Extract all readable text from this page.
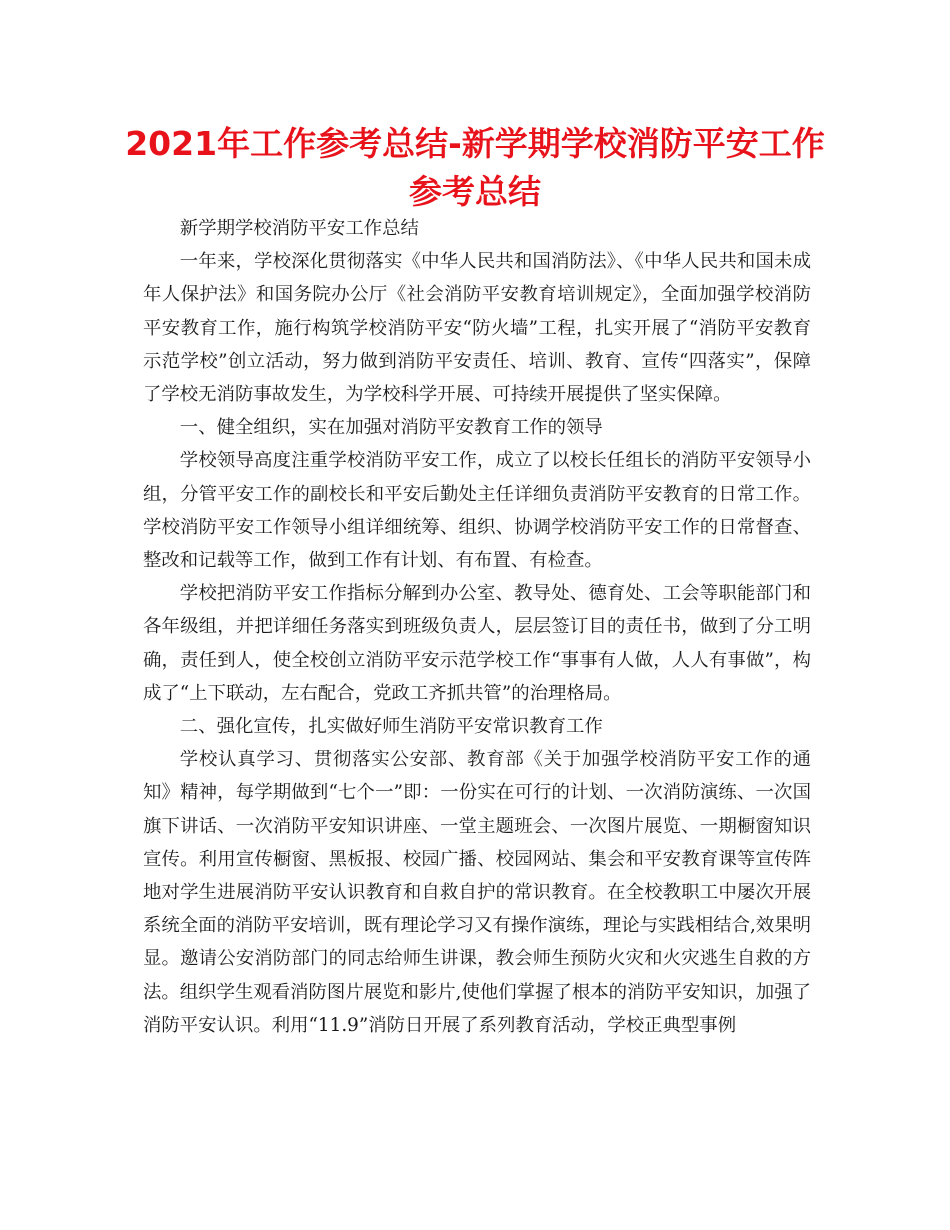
2021年工作参考总结-新学期学校消防平安工作参考总结

新学期学校消防平安工作总结

一年来，学校深化贯彻落实《中华人民共和国消防法》、《中华人民共和国未成年人保护法》和国务院办公厅《社会消防平安教育培训规定》，全面加强学校消防平安教育工作，施行构筑学校消防平安“防火墙”工程，扎实开展了“消防平安教育示范学校”创立活动，努力做到消防平安责任、培训、教育、宣传“四落实”，保障了学校无消防事故发生，为学校科学开展、可持续开展提供了坚实保障。

一、健全组织，实在加强对消防平安教育工作的领导

学校领导高度注重学校消防平安工作，成立了以校长任组长的消防平安领导小组，分管平安工作的副校长和平安后勤处主任详细负责消防平安教育的日常工作。学校消防平安工作领导小组详细统筹、组织、协调学校消防平安工作的日常督查、整改和记载等工作，做到工作有计划、有布置、有检查。

学校把消防平安工作指标分解到办公室、教导处、德育处、工会等职能部门和各年级组，并把详细任务落实到班级负责人，层层签订目的责任书，做到了分工明确，责任到人，使全校创立消防平安示范学校工作“事事有人做，人人有事做”，构成了“上下联动，左右配合，党政工齐抓共管”的治理格局。

二、强化宣传，扎实做好师生消防平安常识教育工作

学校认真学习、贯彻落实公安部、教育部《关于加强学校消防平安工作的通知》精神，每学期做到“七个一”即：一份实在可行的计划、一次消防演练、一次国旗下讲话、一次消防平安知识讲座、一堂主题班会、一次图片展览、一期橱窗知识宣传。利用宣传橱窗、黑板报、校园广播、校园网站、集会和平安教育课等宣传阵地对学生进展消防平安认识教育和自救自护的常识教育。在全校教职工中屡次开展系统全面的消防平安培训，既有理论学习又有操作演练，理论与实践相结合,效果明显。邀请公安消防部门的同志给师生讲课，教会师生预防火灾和火灾逃生自救的方法。组织学生观看消防图片展览和影片,使他们掌握了根本的消防平安知识，加强了消防平安认识。利用“11.9”消防日开展了系列教育活动，学校正典型事例
